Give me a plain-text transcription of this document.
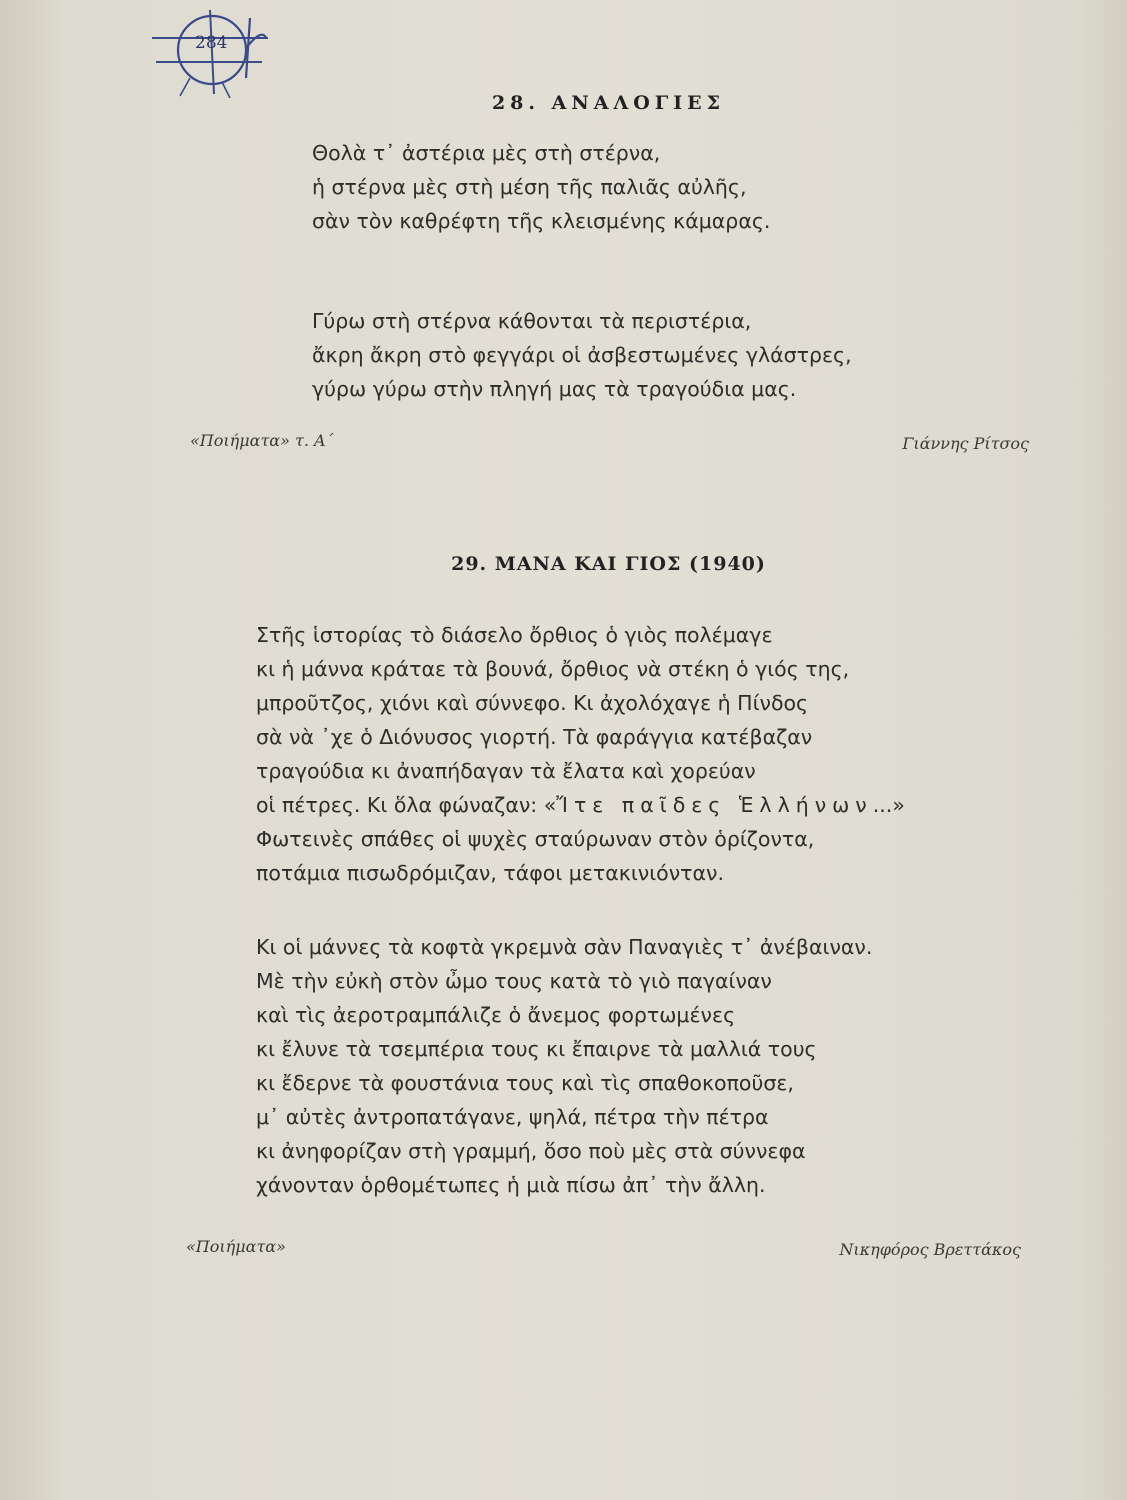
284
28. ΑΝΑΛΟΓΙΕΣ
Θολὰ τ᾽ ἀστέρια μὲς στὴ στέρνα,
ἡ στέρνα μὲς στὴ μέση τῆς παλιᾶς αὐλῆς,
σὰν τὸν καθρέφτη τῆς κλεισμένης κάμαρας.
Γύρω στὴ στέρνα κάθονται τὰ περιστέρια,
ἄκρη ἄκρη στὸ φεγγάρι οἱ ἀσβεστωμένες γλάστρες,
γύρω γύρω στὴν πληγή μας τὰ τραγούδια μας.
«Ποιήματα» τ. Α΄	Γιάννης Ρίτσος
29. ΜΑΝΑ ΚΑΙ ΓΙΟΣ (1940)
Στῆς ἱστορίας τὸ διάσελο ὄρθιος ὁ γιὸς πολέμαγε
κι ἡ μάννα κράταε τὰ βουνά, ὄρθιος νὰ στέκη ὁ γιός της,
μπροῦτζος, χιόνι καὶ σύννεφο. Κι ἀχολόχαγε ἡ Πίνδος
σὰ νὰ ᾿χε ὁ Διόνυσος γιορτή. Τὰ φαράγγια κατέβαζαν
τραγούδια κι ἀναπήδαγαν τὰ ἔλατα καὶ χορεύαν
οἱ πέτρες. Κι ὅλα φώναζαν: «Ἴτε παῖδες Ἑλλήνων...»
Φωτεινὲς σπάθες οἱ ψυχὲς σταύρωναν στὸν ὁρίζοντα,
ποτάμια πισωδρόμιζαν, τάφοι μετακινιόνταν.
Κι οἱ μάννες τὰ κοφτὰ γκρεμνὰ σὰν Παναγιὲς τ᾽ ἀνέβαιναν.
Μὲ τὴν εὐκὴ στὸν ὦμο τους κατὰ τὸ γιὸ παγαίναν
καὶ τὶς ἀεροτραμπάλιζε ὁ ἄνεμος φορτωμένες
κι ἔλυνε τὰ τσεμπέρια τους κι ἔπαιρνε τὰ μαλλιά τους
κι ἔδερνε τὰ φουστάνια τους καὶ τὶς σπαθοκοποῦσε,
μ᾽ αὐτὲς ἀντροπατάγανε, ψηλά, πέτρα τὴν πέτρα
κι ἀνηφορίζαν στὴ γραμμή, ὅσο ποὺ μὲς στὰ σύννεφα
χάνονταν ὁρθομέτωπες ἡ μιὰ πίσω ἀπ᾽ τὴν ἄλλη.
«Ποιήματα»	Νικηφόρος Βρεττάκος
